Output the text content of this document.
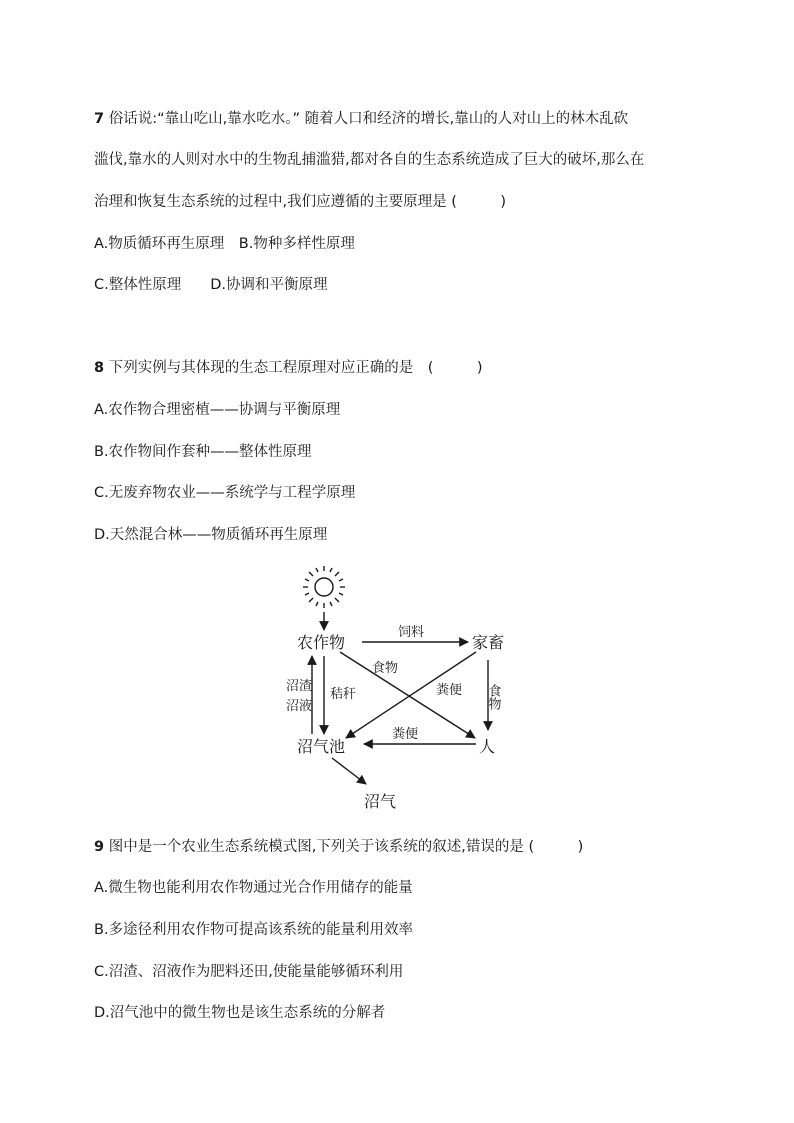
7 俗话说:“靠山吃山,靠水吃水。” 随着人口和经济的增长,靠山的人对山上的林木乱砍
滥伐,靠水的人则对水中的生物乱捕滥猎,都对各自的生态系统造成了巨大的破坏,那么在
治理和恢复生态系统的过程中,我们应遵循的主要原理是 (　　　)
A.物质循环再生原理　B.物种多样性原理
C.整体性原理　　D.协调和平衡原理
8 下列实例与其体现的生态工程原理对应正确的是　(　　　)
A.农作物合理密植——协调与平衡原理
B.农作物间作套种——整体性原理
C.无废弃物农业——系统学与工程学原理
D.天然混合林——物质循环再生原理
农作物	家畜
沼气池	人
沼气
饲料
食物
粪便 食物
沼渣
沼液
秸秆
粪便
9 图中是一个农业生态系统模式图,下列关于该系统的叙述,错误的是 (　　　)
A.微生物也能利用农作物通过光合作用储存的能量
B.多途径利用农作物可提高该系统的能量利用效率
C.沼渣、沼液作为肥料还田,使能量能够循环利用
D.沼气池中的微生物也是该生态系统的分解者
